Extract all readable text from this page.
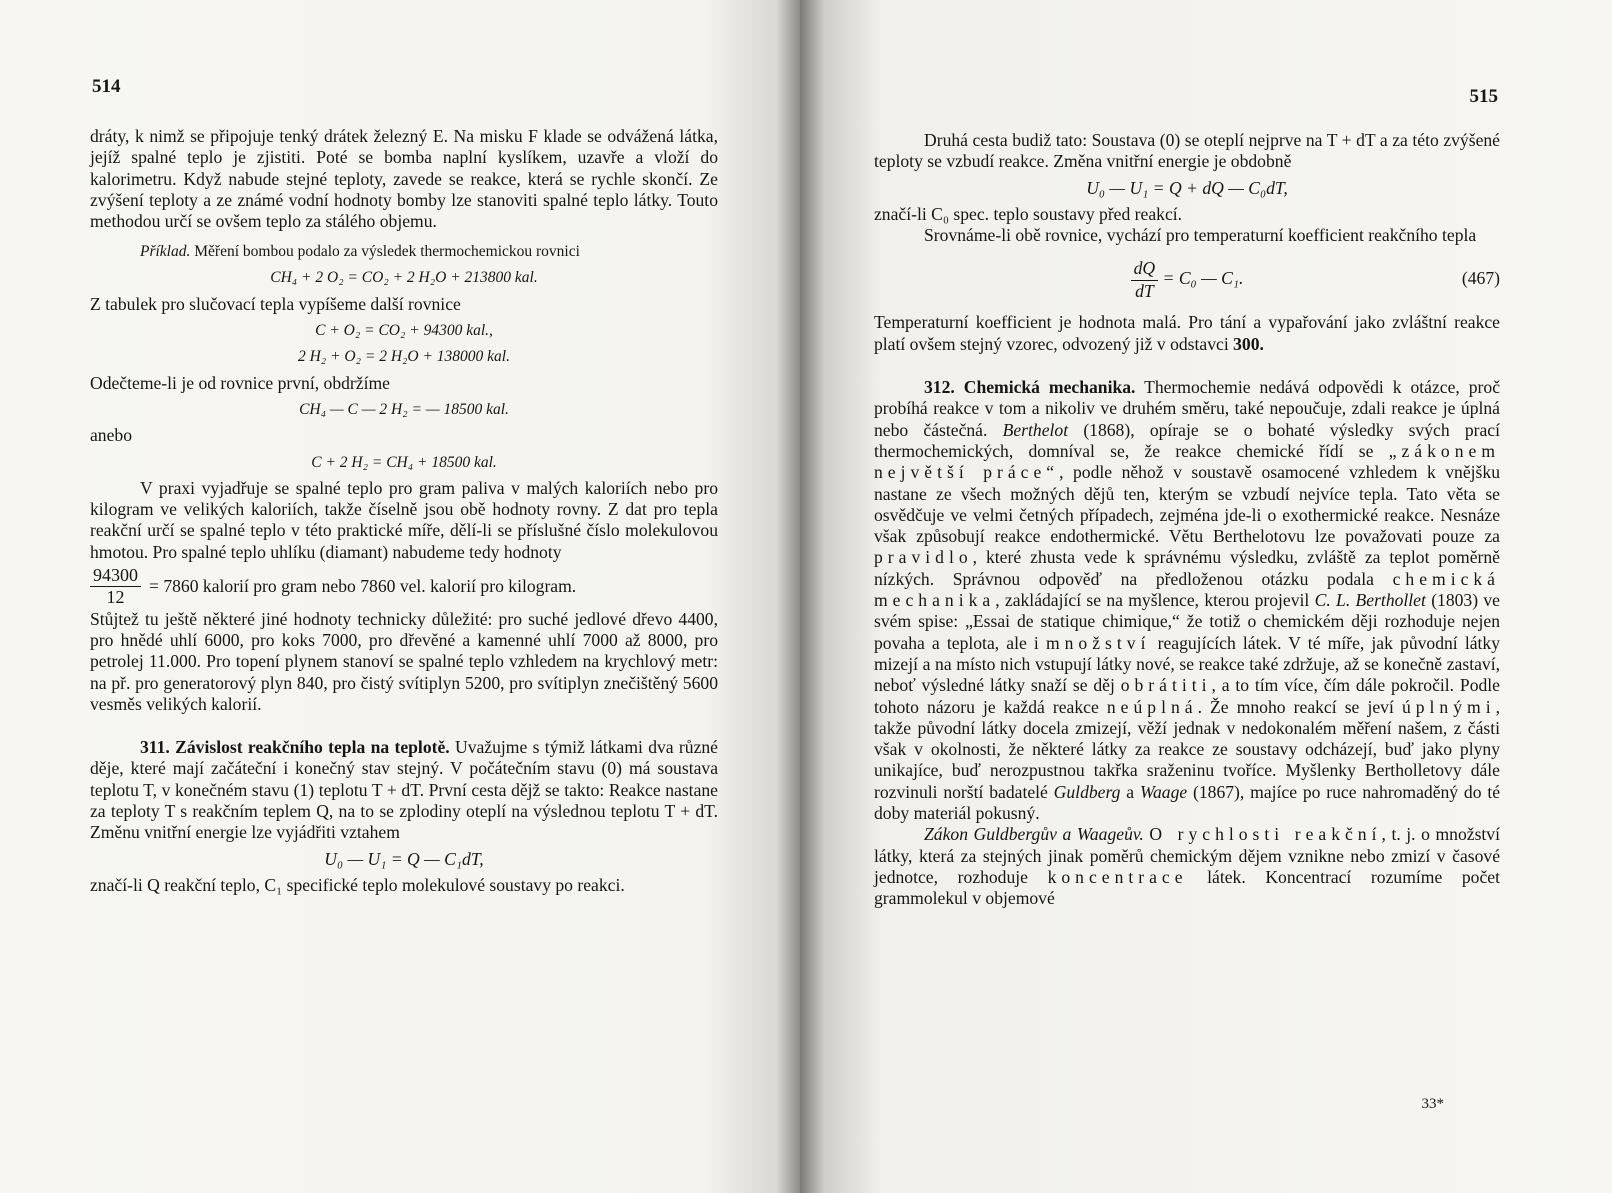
514

dráty, k nimž se připojuje tenký drátek železný E. Na misku F klade se odvážená látka, jejíž spalné teplo je zjistiti. Poté se bomba naplní kyslíkem, uzavře a vloží do kalorimetru. Když nabude stejné teploty, zavede se reakce, která se rychle skončí. Ze zvýšení teploty a ze známé vodní hodnoty bomby lze stanoviti spalné teplo látky. Touto methodou určí se ovšem teplo za stálého objemu.

Příklad. Měření bombou podalo za výsledek thermochemickou rovnici

CH₄ + 2 O₂ = CO₂ + 2 H₂O + 213800 kal.

Z tabulek pro slučovací tepla vypíšeme další rovnice

C + O₂ = CO₂ + 94300 kal.,
2 H₂ + O₂ = 2 H₂O + 138000 kal.

Odečteme-li je od rovnice první, obdržíme

CH₄ — C — 2 H₂ = — 18500 kal.

anebo

C + 2 H₂ = CH₄ + 18500 kal.

V praxi vyjadřuje se spalné teplo pro gram paliva v malých kaloriích nebo pro kilogram ve velikých kaloriích, takže číselně jsou obě hodnoty rovny. Z dat pro tepla reakční určí se spalné teplo v této praktické míře, dělí-li se příslušné číslo molekulovou hmotou. Pro spalné teplo uhlíku (diamant) nabudeme tedy hodnoty

$\frac{94300}{12} = 7860$ kalorií pro gram nebo 7860 vel. kalorií pro kilogram.

Stůjtež tu ještě některé jiné hodnoty technicky důležité: pro suché jedlové dřevo 4400, pro hnědé uhlí 6000, pro koks 7000, pro dřevěné a kamenné uhlí 7000 až 8000, pro petrolej 11.000. Pro topení plynem stanoví se spalné teplo vzhledem na krychlový metr: na př. pro generatorový plyn 840, pro čistý svítiplyn 5200, pro svítiplyn znečištěný 5600 vesměs velikých kalorií.

311. Závislost reakčního tepla na teplotě. Uvažujme s týmiž látkami dva různé děje, které mají začáteční i konečný stav stejný. V počátečním stavu (0) má soustava teplotu T, v konečném stavu (1) teplotu T + dT. První cesta dějž se takto: Reakce nastane za teploty T s reakčním teplem Q, na to se zplodiny oteplí na výslednou teplotu T + dT. Změnu vnitřní energie lze vyjádřiti vztahem

U₀ — U₁ = Q — C₁dT,

značí-li Q reakční teplo, C₁ specifické teplo molekulové soustavy po reakci.

515

Druhá cesta budiž tato: Soustava (0) se oteplí nejprve na T + dT a za této zvýšené teploty se vzbudí reakce. Změna vnitřní energie je obdobně

U₀ — U₁ = Q + dQ — C₀dT,

značí-li C₀ spec. teplo soustavy před reakcí.

Srovnáme-li obě rovnice, vychází pro temperaturní koefficient reakčního tepla

$\frac{dQ}{dT} = C_0$ — C₁.	(467)

Temperaturní koefficient je hodnota malá. Pro tání a vypařování jako zvláštní reakce platí ovšem stejný vzorec, odvozený již v odstavci 300.

312. Chemická mechanika. Thermochemie nedává odpovědi k otázce, proč probíhá reakce v tom a nikoliv ve druhém směru, také nepoučuje, zdali reakce je úplná nebo částečná. Berthelot (1868), opíraje se o bohaté výsledky svých prací thermochemických, domníval se, že reakce chemické řídí se „zákonem největší práce“, podle něhož v soustavě osamocené vzhledem k vnějšku nastane ze všech možných dějů ten, kterým se vzbudí nejvíce tepla. Tato věta se osvědčuje ve velmi četných případech, zejména jde-li o exothermické reakce. Nesnáze však způsobují reakce endothermické. Větu Berthelotovu lze považovati pouze za pravidlo, které zhusta vede k správnému výsledku, zvláště za teplot poměrně nízkých. Správnou odpověď na předloženou otázku podala chemická mechanika, zakládající se na myšlence, kterou projevil C. L. Berthollet (1803) ve svém spise: „Essai de statique chimique,“ že totiž o chemickém ději rozhoduje nejen povaha a teplota, ale i množství reagujících látek. V té míře, jak původní látky mizejí a na místo nich vstupují látky nové, se reakce také zdržuje, až se konečně zastaví, neboť výsledné látky snaží se děj obrátiti, a to tím více, čím dále pokročil. Podle tohoto názoru je každá reakce neúplná. Že mnoho reakcí se jeví úplnými, takže původní látky docela zmizejí, věží jednak v nedokonalém měření našem, z části však v okolnosti, že některé látky za reakce ze soustavy odcházejí, buď jako plyny unikajíce, buď nerozpustnou takřka sraženinu tvoříce. Myšlenky Bertholletovy dále rozvinuli norští badatelé Guldberg a Waage (1867), majíce po ruce nahromaděný do té doby materiál pokusný.

Zákon Guldbergův a Waageův. O rychlosti reakční, t. j. o množství látky, která za stejných jinak poměrů chemickým dějem vznikne nebo zmizí v časové jednotce, rozhoduje koncentrace látek. Koncentrací rozumíme počet grammolekul v objemové

33*
